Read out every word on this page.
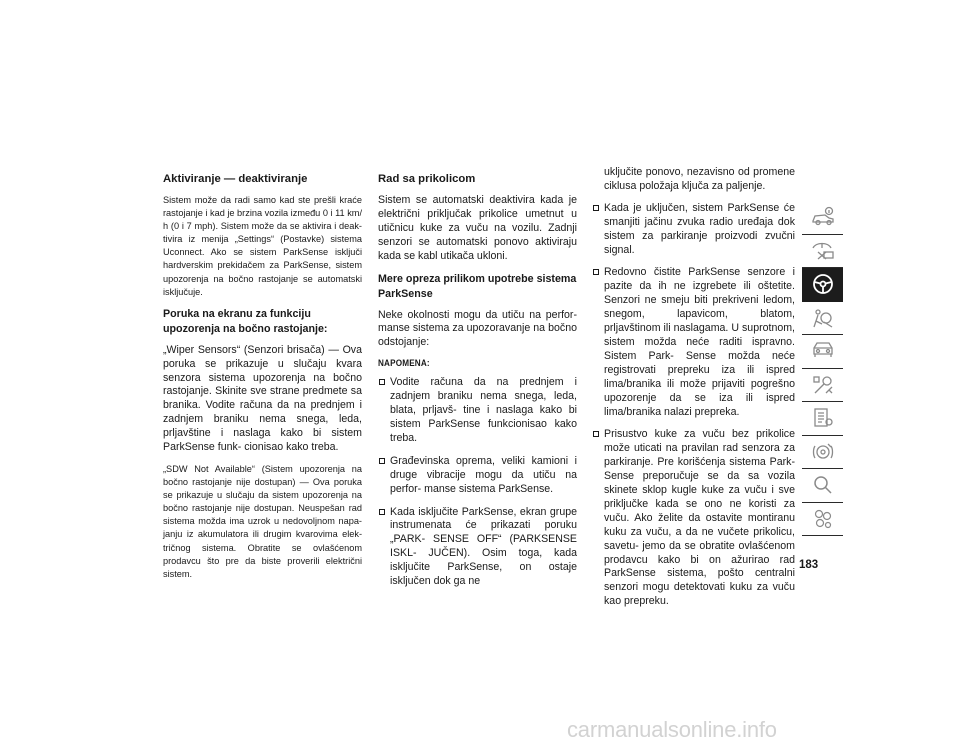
Aktiviranje — deaktiviranje

Sistem može da radi samo kad ste prešli kraće rastojanje i kad je brzina vozila između 0 i 11 km/ h (0 i 7 mph). Sistem može da se aktivira i deak- tivira iz menija „Settings“ (Postavke) sistema Uconnect. Ako se sistem ParkSense isključi hardverskim prekidačem za ParkSense, sistem upozorenja na bočno rastojanje se automatski isključuje.

Poruka na ekranu za funkciju upozorenja na bočno rastojanje:

„Wiper Sensors“ (Senzori brisača) — Ova poruka se prikazuje u slučaju kvara senzora sistema upozorenja na bočno rastojanje. Skinite sve strane predmete sa branika. Vodite računa da na prednjem i zadnjem braniku nema snega, leda, prljavštine i naslaga kako bi sistem ParkSense funk- cionisao kako treba.

„SDW Not Available“ (Sistem upozorenja na bočno rastojanje nije dostupan) — Ova poruka se prikazuje u slučaju da sistem upozorenja na bočno rastojanje nije dostupan. Neuspešan rad sistema možda ima uzrok u nedovoljnom napa- janju iz akumulatora ili drugim kvarovima elek- tričnog sistema. Obratite se ovlašćenom prodavcu što pre da biste proverili električni sistem.

Rad sa prikolicom

Sistem se automatski deaktivira kada je električni priključak prikolice umetnut u utičnicu kuke za vuču na vozilu. Zadnji senzori se automatski ponovo aktiviraju kada se kabl utikača ukloni.

Mere opreza prilikom upotrebe sistema ParkSense

Neke okolnosti mogu da utiču na perfor- manse sistema za upozoravanje na bočno odstojanje:

NAPOMENA:
Vodite računa da na prednjem i zadnjem braniku nema snega, leda, blata, prljavš- tine i naslaga kako bi sistem ParkSense funkcionisao kako treba.
Građevinska oprema, veliki kamioni i druge vibracije mogu da utiču na perfor- manse sistema ParkSense.
Kada isključite ParkSense, ekran grupe instrumenata će prikazati poruku „PARK- SENSE OFF“ (PARKSENSE ISKL- JUČEN). Osim toga, kada isključite ParkSense, on ostaje isključen dok ga ne

uključite ponovo, nezavisno od promene ciklusa položaja ključa za paljenje.

Kada je uključen, sistem ParkSense će smanjiti jačinu zvuka radio uređaja dok sistem za parkiranje proizvodi zvučni signal.
Redovno čistite ParkSense senzore i pazite da ih ne izgrebete ili oštetite. Senzori ne smeju biti prekriveni ledom, snegom, lapavicom, blatom, prljavštinom ili naslagama. U suprotnom, sistem možda neće raditi ispravno. Sistem Park- Sense možda neće registrovati prepreku iza ili ispred lima/branika ili može prijaviti pogrešno upozorenje da se iza ili ispred lima/branika nalazi prepreka.
Prisustvo kuke za vuču bez prikolice može uticati na pravilan rad senzora za parkiranje. Pre korišćenja sistema Park- Sense preporučuje se da sa vozila skinete sklop kugle kuke za vuču i sve priključke kada se ono ne koristi za vuču. Ako želite da ostavite montiranu kuku za vuču, a da ne vučete prikolicu, savetu- jemo da se obratite ovlašćenom prodavcu kako bi on ažurirao rad ParkSense sistema, pošto centralni senzori mogu detektovati kuku za vuču kao prepreku.
183
carmanualsonline.info
